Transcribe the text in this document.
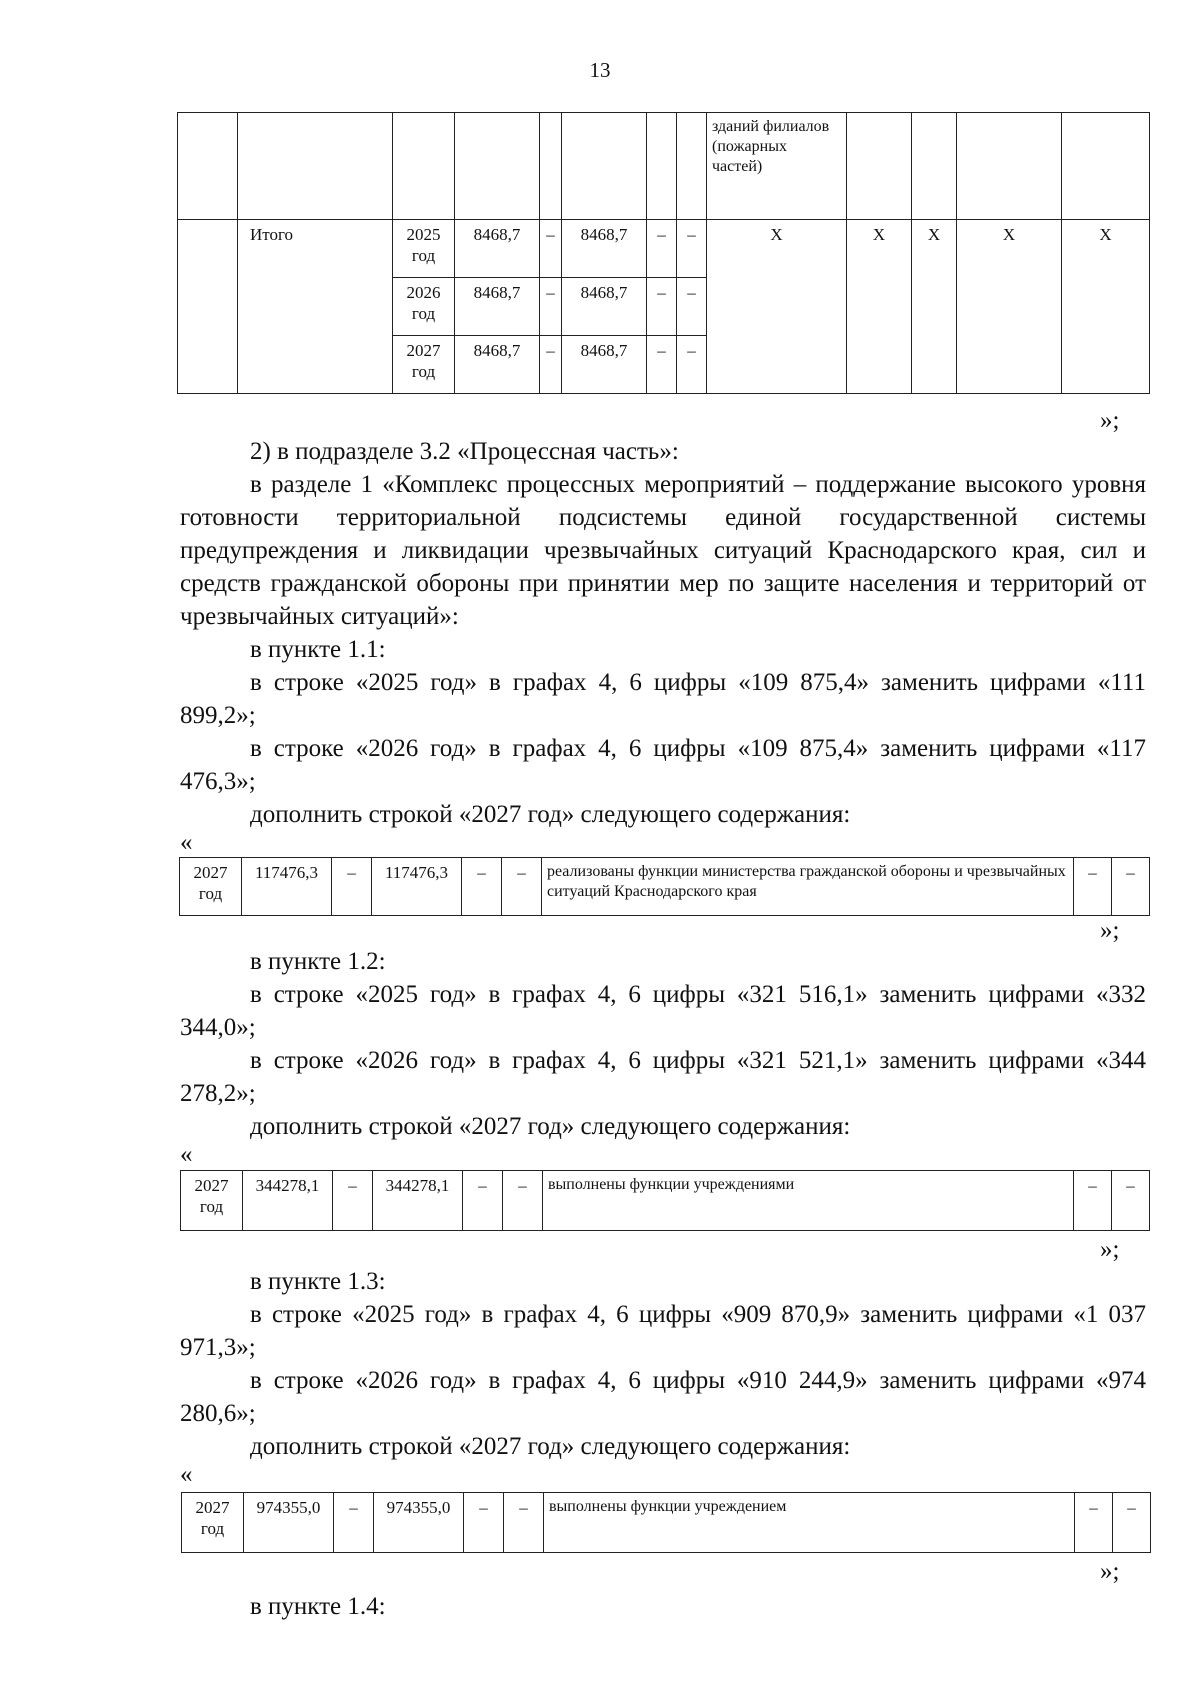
13
								зданий филиалов (пожарных частей)				
	Итого	2025 год	8468,7	–	8468,7	–	–	X	X	X	X	X
		2026 год	8468,7	–	8468,7	–	–					
		2027 год	8468,7	–	8468,7	–	–					
»;
2) в подразделе 3.2 «Процессная часть»:
в разделе 1 «Комплекс процессных мероприятий – поддержание высокого уровня готовности территориальной подсистемы единой государственной системы предупреждения и ликвидации чрезвычайных ситуаций Краснодарского края, сил и средств гражданской обороны при принятии мер по защите населения и территорий от чрезвычайных ситуаций»:
в пункте 1.1:
в строке «2025 год» в графах 4, 6 цифры «109 875,4» заменить цифрами «111 899,2»;
в строке «2026 год» в графах 4, 6 цифры «109 875,4» заменить цифрами «117 476,3»;
дополнить строкой «2027 год» следующего содержания:
«
2027 год	117476,3	–	117476,3	–	–	реализованы функции министерства гражданской обороны и чрезвычайных ситуаций Краснодарского края	–	–
»;
в пункте 1.2:
в строке «2025 год» в графах 4, 6 цифры «321 516,1» заменить цифрами «332 344,0»;
в строке «2026 год» в графах 4, 6 цифры «321 521,1» заменить цифрами «344 278,2»;
дополнить строкой «2027 год» следующего содержания:
«
2027 год	344278,1	–	344278,1	–	–	выполнены функции учреждениями	–	–
»;
в пункте 1.3:
в строке «2025 год» в графах 4, 6 цифры «909 870,9» заменить цифрами «1 037 971,3»;
в строке «2026 год» в графах 4, 6 цифры «910 244,9» заменить цифрами «974 280,6»;
дополнить строкой «2027 год» следующего содержания:
«
2027 год	974355,0	–	974355,0	–	–	выполнены функции учреждением	–	–
»;
в пункте 1.4:
